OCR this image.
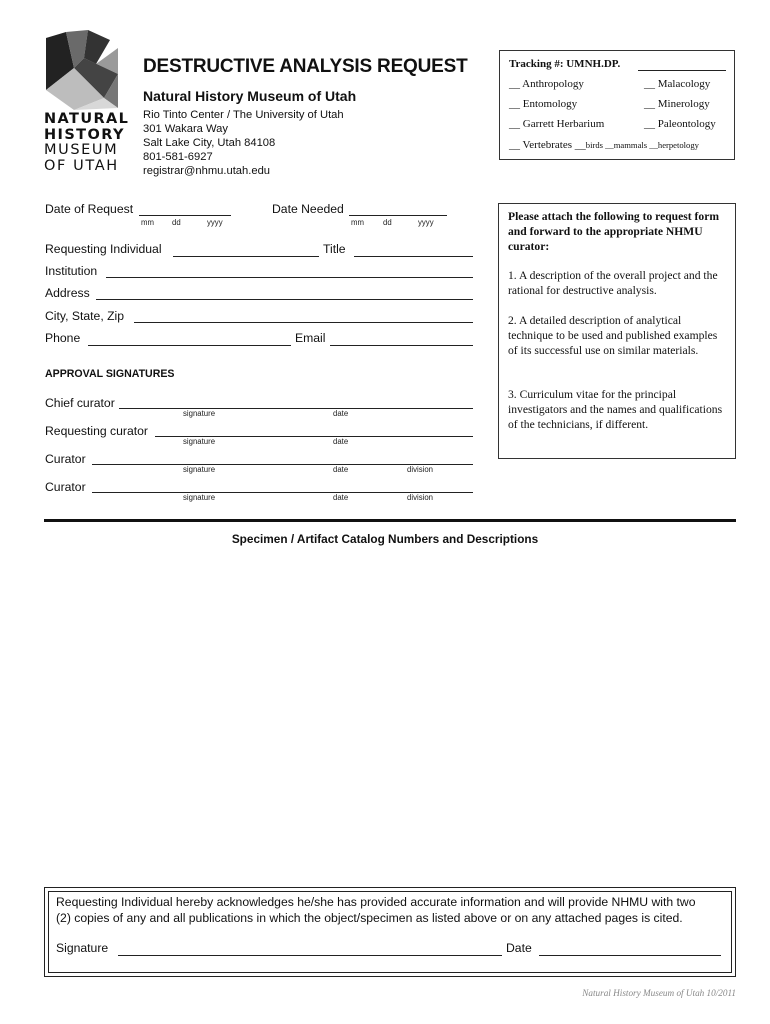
NATURAL
HISTORY
MUSEUM
OF UTAH
DESTRUCTIVE ANALYSIS REQUEST
Natural History Museum of Utah
Rio Tinto Center / The University of Utah
301 Wakara Way
Salt Lake City, Utah 84108
801-581-6927
registrar@nhmu.utah.edu
Tracking #: UMNH.DP.
__ Anthropology	__ Malacology
__ Entomology	__ Minerology
__ Garrett Herbarium	__ Paleontology
__ Vertebrates __birds __mammals __herpetology
Please attach the following to request form and forward to the appropriate NHMU curator:
1. A description of the overall project and the rational for destructive analysis.
2. A detailed description of analytical technique to be used and published examples of its successful use on similar materials.
3. Curriculum vitae for the principal investigators and the names and qualifications of the technicians, if different.
Date of Request
mm dd	yyyy
Date Needed
mm dd	yyyy
Requesting Individual	Title
Institution
Address
City, State, Zip
Phone	Email
APPROVAL SIGNATURES
Chief curator
signature	date
Requesting curator
signature	date
Curator
signature	date	division
Curator
signature	date	division
Specimen / Artifact Catalog Numbers and Descriptions
Requesting Individual hereby acknowledges he/she has provided accurate information and will provide NHMU with two
(2) copies of any and all publications in which the object/specimen as listed above or on any attached pages is cited.
Signature	Date
Natural History Museum of Utah 10/2011
